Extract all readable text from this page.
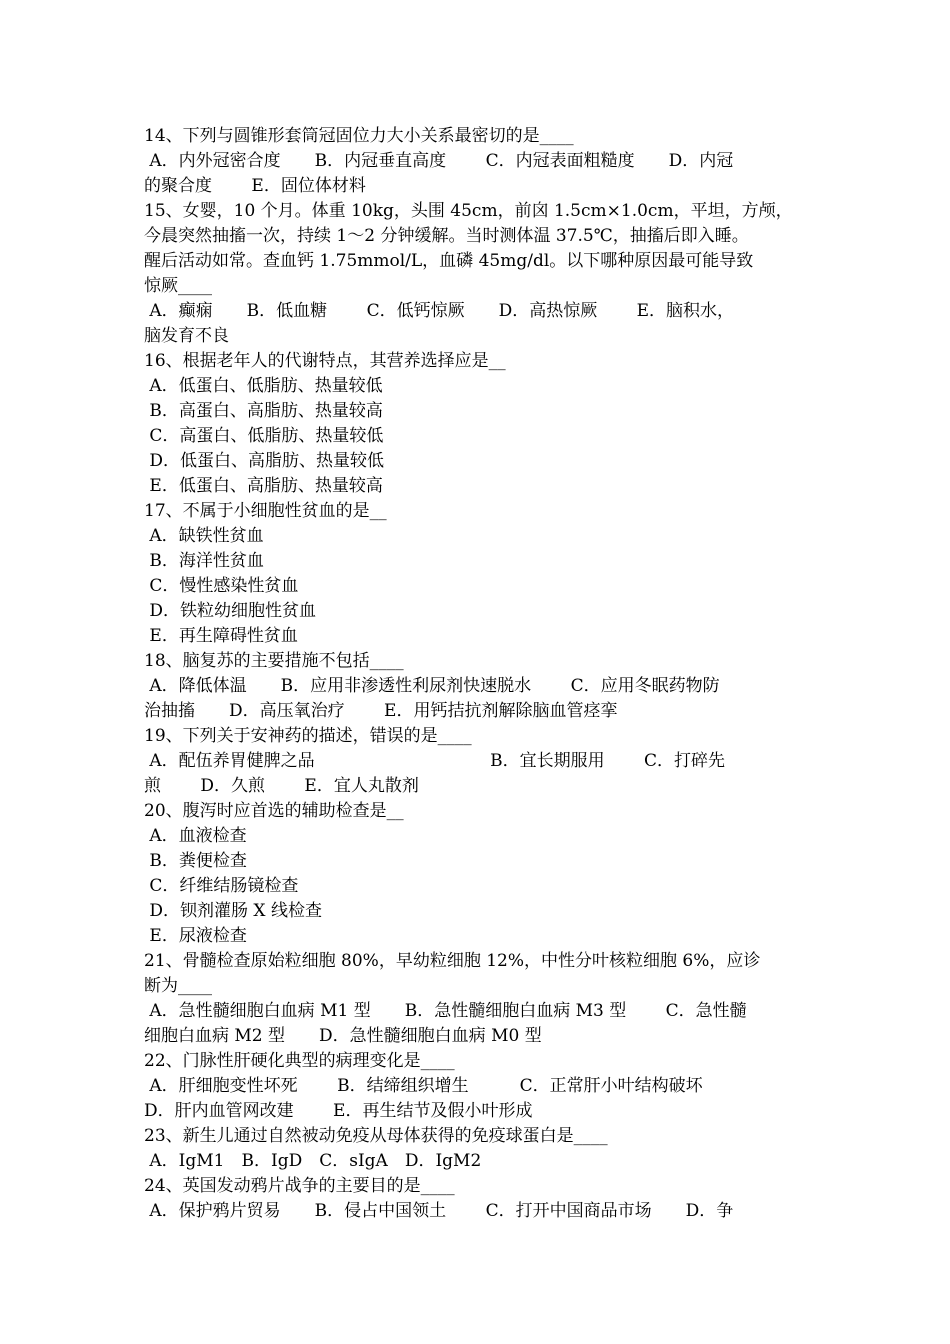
14、下列与圆锥形套筒冠固位力大小关系最密切的是____
A．内外冠密合度　　B．内冠垂直高度　　 C．内冠表面粗糙度　　D．内冠
的聚合度　　 E．固位体材料
15、女婴，10 个月。体重 10kg，头围 45cm，前囟 1.5cm×1.0cm，平坦，方颅，
今晨突然抽搐一次，持续 1～2 分钟缓解。当时测体温 37.5℃，抽搐后即入睡。
醒后活动如常。查血钙 1.75mmol/L，血磷 45mg/dl。以下哪种原因最可能导致
惊厥____
A．癫痫　　B．低血糖　　 C．低钙惊厥　　D．高热惊厥　　 E．脑积水，
脑发育不良
16、根据老年人的代谢特点，其营养选择应是__
A．低蛋白、低脂肪、热量较低
B．高蛋白、高脂肪、热量较高
C．高蛋白、低脂肪、热量较低
D．低蛋白、高脂肪、热量较低
E．低蛋白、高脂肪、热量较高
17、不属于小细胞性贫血的是__
A．缺铁性贫血
B．海洋性贫血
C．慢性感染性贫血
D．铁粒幼细胞性贫血
E．再生障碍性贫血
18、脑复苏的主要措施不包括____
A．降低体温　　B．应用非渗透性利尿剂快速脱水　　 C．应用冬眠药物防
治抽搐　　D．高压氧治疗　　 E．用钙拮抗剂解除脑血管痉挛
19、下列关于安神药的描述，错误的是____
A．配伍养胃健脾之品　　　　　　　　　　 B．宜长期服用　　 C．打碎先
煎　　 D．久煎　　 E．宜人丸散剂
20、腹泻时应首选的辅助检查是__
A．血液检查
B．粪便检查
C．纤维结肠镜检查
D．钡剂灌肠 X 线检查
E．尿液检查
21、骨髓检查原始粒细胞 80%，早幼粒细胞 12%，中性分叶核粒细胞 6%，应诊
断为____
A．急性髓细胞白血病 M1 型　　B．急性髓细胞白血病 M3 型　　 C．急性髓
细胞白血病 M2 型　　D．急性髓细胞白血病 M0 型
22、门脉性肝硬化典型的病理变化是____
A．肝细胞变性坏死　　 B．结缔组织增生　　　C．正常肝小叶结构破坏
D．肝内血管网改建　　 E．再生结节及假小叶形成
23、新生儿通过自然被动免疫从母体获得的免疫球蛋白是____
A．IgM1　B．IgD　C．sIgA　D．IgM2
24、英国发动鸦片战争的主要目的是____
A．保护鸦片贸易　　B．侵占中国领土　　 C．打开中国商品市场　　D．争
